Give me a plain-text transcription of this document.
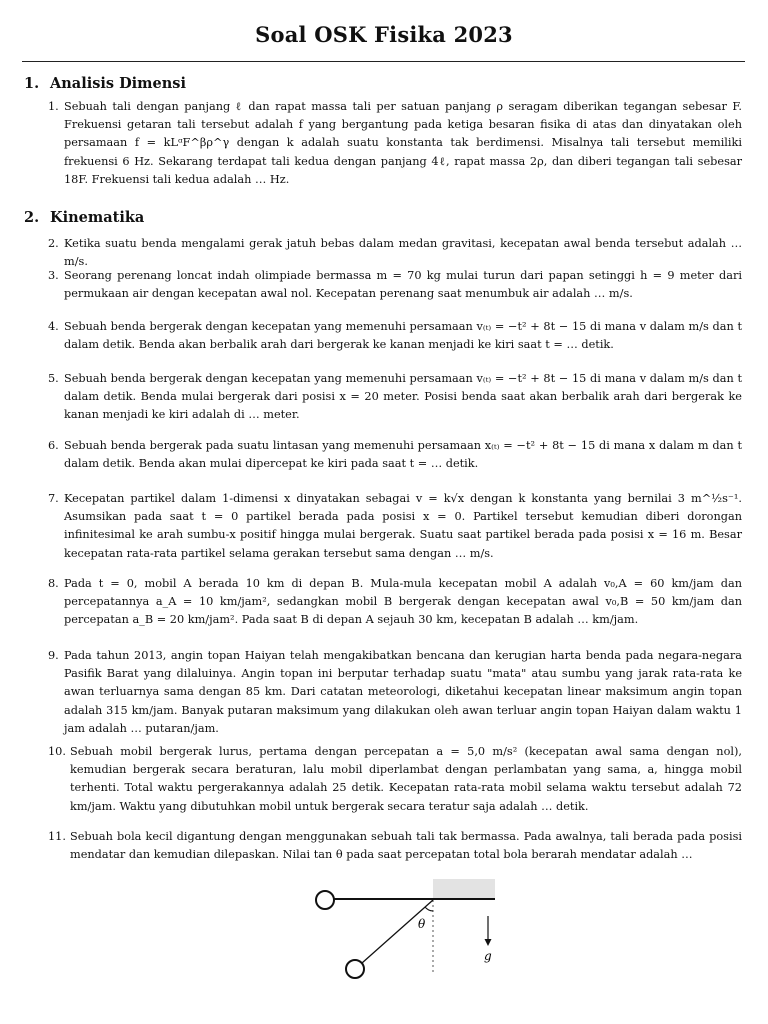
Soal OSK Fisika 2023
1. Analisis Dimensi
1. Sebuah tali dengan panjang ℓ dan rapat massa tali per satuan panjang ρ seragam diberikan tegangan sebesar F. Frekuensi getaran tali tersebut adalah f yang bergantung pada ketiga besaran fisika di atas dan dinyatakan oleh persamaan f = kLᵅF^βρ^γ dengan k adalah suatu konstanta tak berdimensi. Misalnya tali tersebut memiliki frekuensi 6 Hz. Sekarang terdapat tali kedua dengan panjang 4ℓ, rapat massa 2ρ, dan diberi tegangan tali sebesar 18F. Frekuensi tali kedua adalah … Hz.
2. Kinematika
2. Ketika suatu benda mengalami gerak jatuh bebas dalam medan gravitasi, kecepatan awal benda tersebut adalah … m/s.
3. Seorang perenang loncat indah olimpiade bermassa m = 70 kg mulai turun dari papan setinggi h = 9 meter dari permukaan air dengan kecepatan awal nol. Kecepatan perenang saat menumbuk air adalah … m/s.
4. Sebuah benda bergerak dengan kecepatan yang memenuhi persamaan v₍ₜ₎ = −t² + 8t − 15 di mana v dalam m/s dan t dalam detik. Benda akan berbalik arah dari bergerak ke kanan menjadi ke kiri saat t = … detik.
5. Sebuah benda bergerak dengan kecepatan yang memenuhi persamaan v₍ₜ₎ = −t² + 8t − 15 di mana v dalam m/s dan t dalam detik. Benda mulai bergerak dari posisi x = 20 meter. Posisi benda saat akan berbalik arah dari bergerak ke kanan menjadi ke kiri adalah di … meter.
6. Sebuah benda bergerak pada suatu lintasan yang memenuhi persamaan x₍ₜ₎ = −t² + 8t − 15 di mana x dalam m dan t dalam detik. Benda akan mulai dipercepat ke kiri pada saat t = … detik.
7. Kecepatan partikel dalam 1-dimensi x dinyatakan sebagai v = k√x dengan k konstanta yang bernilai 3 m^½s⁻¹. Asumsikan pada saat t = 0 partikel berada pada posisi x = 0. Partikel tersebut kemudian diberi dorongan infinitesimal ke arah sumbu-x positif hingga mulai bergerak. Suatu saat partikel berada pada posisi x = 16 m. Besar kecepatan rata-rata partikel selama gerakan tersebut sama dengan … m/s.
8. Pada t = 0, mobil A berada 10 km di depan B. Mula-mula kecepatan mobil A adalah v₀,A = 60 km/jam dan percepatannya a_A = 10 km/jam², sedangkan mobil B bergerak dengan kecepatan awal v₀,B = 50 km/jam dan percepatan a_B = 20 km/jam². Pada saat B di depan A sejauh 30 km, kecepatan B adalah … km/jam.
9. Pada tahun 2013, angin topan Haiyan telah mengakibatkan bencana dan kerugian harta benda pada negara-negara Pasifik Barat yang dilaluinya. Angin topan ini berputar terhadap suatu "mata" atau sumbu yang jarak rata-rata ke awan terluarnya sama dengan 85 km. Dari catatan meteorologi, diketahui kecepatan linear maksimum angin topan adalah 315 km/jam. Banyak putaran maksimum yang dilakukan oleh awan terluar angin topan Haiyan dalam waktu 1 jam adalah … putaran/jam.
10. Sebuah mobil bergerak lurus, pertama dengan percepatan a = 5,0 m/s² (kecepatan awal sama dengan nol), kemudian bergerak secara beraturan, lalu mobil diperlambat dengan perlambatan yang sama, a, hingga mobil terhenti. Total waktu pergerakannya adalah 25 detik. Kecepatan rata-rata mobil selama waktu tersebut adalah 72 km/jam. Waktu yang dibutuhkan mobil untuk bergerak secara teratur saja adalah … detik.
11. Sebuah bola kecil digantung dengan menggunakan sebuah tali tak bermassa. Pada awalnya, tali berada pada posisi mendatar dan kemudian dilepaskan. Nilai tan θ pada saat percepatan total bola berarah mendatar adalah …
θ
g
